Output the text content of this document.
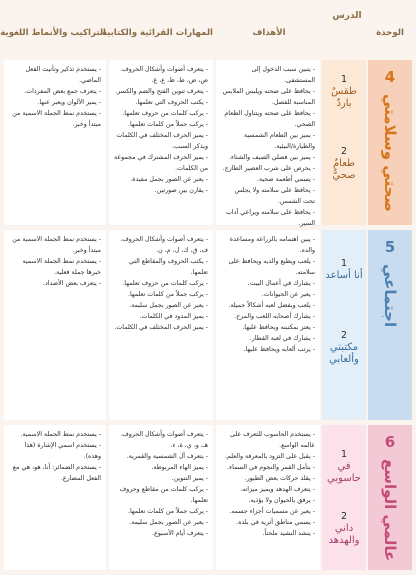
الوحدة
الدرس
الأهداف
المهارات القرائية والكتابية
التراكيب والأنماط اللغوية
4
صحتي وسلامتي
1
طقسٌ باردٌ
2
طعامٌ صحيٌّ
- يتبين سبب الدخول إلى المستشفى.
- يحافظ على صحته ويلبس الملابس المناسبة للفصل.
- يحافظ على صحته ويتناول الطعام الصحي.
- يميز بين الطعام الشمسية والطيارة/البيئية.
- يميز بين فصلي الصيف والشتاء.
- يحرص على شرب العصير الطازج.
- يسمي أطعمة صحية.
- يحافظ على سلامته ولا يجلس تحت الشمس.
- يحافظ على سلامته ويراعي آداب السير.
- يتعرف أصوات وأشكال الحروف.
ص، ض، ط، ظ، ع، غ.
- يتعرف تنوين الفتح والضم والكسر.
- يكتب الحروف التي تعلمها.
- يركب كلمات من حروف تعلمها.
- يركب جملاً من كلمات تعلمها.
- يميز الحرف المختلف في الكلمات ويذكر السبب.
- يميز الحرف المشترك في مجموعة من الكلمات.
- يعبر عن الصور بجمل مفيدة.
- يقارن بين صورتين.
- يستخدم تذكير وتأنيث الفعل الماضي.
- يتعرف جمع بعض المفردات.
- يميز الألوان ويعبر عنها.
- يستخدم نمط الجملة الاسمية من مبتدأ وخبر.
5
اجتماعي
1
أنا أساعد
2
مكتبتي وألعابي
- يبين اهتمامه بالزراعة ومساعدة والده.
- يلعب ويطيع والديه ويحافظ على سلامته.
- يشارك في أعمال البيت.
- يعبر عن الحيوانات.
- يلعب ويفضل لعبه أشكالاً جميلة.
- يشارك أصحابه اللعب والمرح.
- يعتز بمكتبته ويحافظ عليها.
- يشارك في لعبة القطار.
- يرتب ألعابه ويحافظ عليها.
- يتعرف أصوات وأشكال الحروف.
ف، ق، ك، ل، م، ن.
- يكتب الحروف والمقاطع التي تعلمها.
- يركب كلمات من حروف تعلمها.
- يركب جملاً من كلمات تعلمها.
- يعبر عن الصور بجمل سليمة.
- يميز المدود في الكلمات.
- يميز الحرف المختلف في الكلمات.
- يستخدم نمط الجملة الاسمية من مبتدأ وخبر.
- يستخدم نمط الجملة الاسمية خبرها جملة فعلية.
- يتعرف بعض الأضداد.
6
عالمي الواسع
1
في حاسوبي
2
داني والهدهد
- يستخدم الحاسوب للتعرف على عالمه الواسع.
- يقبل على التزود بالمعرفة والعلم.
- يتأمل القمر والنجوم في السماء.
- يقلد حركات بعض الطيور.
- يتعرف الهدهد ويميز ميزاته.
- يرفق بالحيوان ولا يؤذيه.
- يعبر عن مسميات أجزاء جسمه.
- يسمي مناطق أثرية في بلده.
- ينشد النشيد ملحناً.
- يتعرف أصوات وأشكال الحروف.
هـ، و، ي، ة، ء.
- يتعرف أل الشمسية والقمرية.
- يميز الهاء المربوطة.
- يميز التنوين.
- يركب كلمات من مقاطع وحروف تعلمها.
- يركب جملاً من كلمات تعلمها.
- يعبر عن الصور بجمل سليمة.
- يتعرف أيام الأسبوع.
- يستخدم نمط الجملة الاسمية.
- يستخدم اسمي الإشارة (هذا وهذه).
- يستخدم الضمائر: أنا، هو، هي مع الفعل المضارع.
